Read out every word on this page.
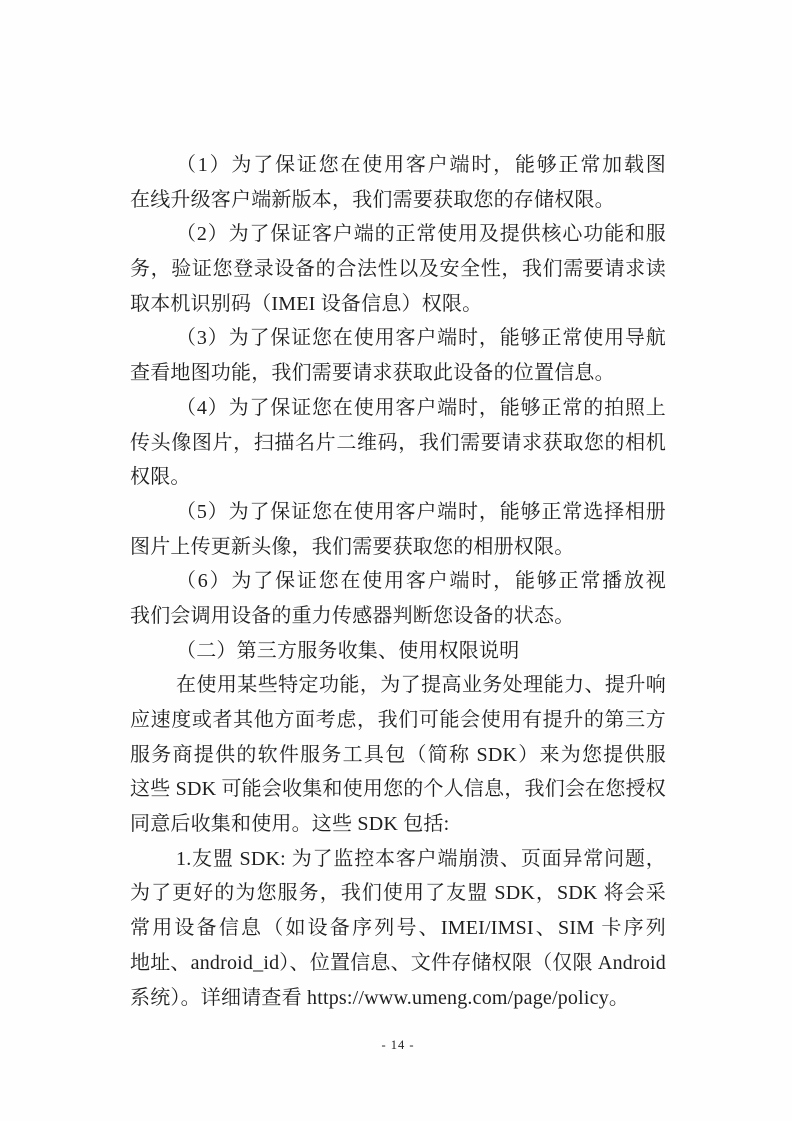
（1）为了保证您在使用客户端时，能够正常加载图
在线升级客户端新版本，我们需要获取您的存储权限。
（2）为了保证客户端的正常使用及提供核心功能和服
务，验证您登录设备的合法性以及安全性，我们需要请求读
取本机识别码（IMEI 设备信息）权限。
（3）为了保证您在使用客户端时，能够正常使用导航
查看地图功能，我们需要请求获取此设备的位置信息。
（4）为了保证您在使用客户端时，能够正常的拍照上
传头像图片，扫描名片二维码，我们需要请求获取您的相机
权限。
（5）为了保证您在使用客户端时，能够正常选择相册
图片上传更新头像，我们需要获取您的相册权限。
（6）为了保证您在使用客户端时，能够正常播放视
我们会调用设备的重力传感器判断您设备的状态。
（二）第三方服务收集、使用权限说明
在使用某些特定功能，为了提高业务处理能力、提升响
应速度或者其他方面考虑，我们可能会使用有提升的第三方
服务商提供的软件服务工具包（简称 SDK）来为您提供服
这些 SDK 可能会收集和使用您的个人信息，我们会在您授权
同意后收集和使用。这些 SDK 包括:
1.友盟 SDK: 为了监控本客户端崩溃、页面异常问题，
为了更好的为您服务，我们使用了友盟 SDK，SDK 将会采
常用设备信息（如设备序列号、IMEI/IMSI、SIM 卡序列
地址、android_id）、位置信息、文件存储权限（仅限 Android
系统）。详细请查看 https://www.umeng.com/page/policy。
- 14 -
